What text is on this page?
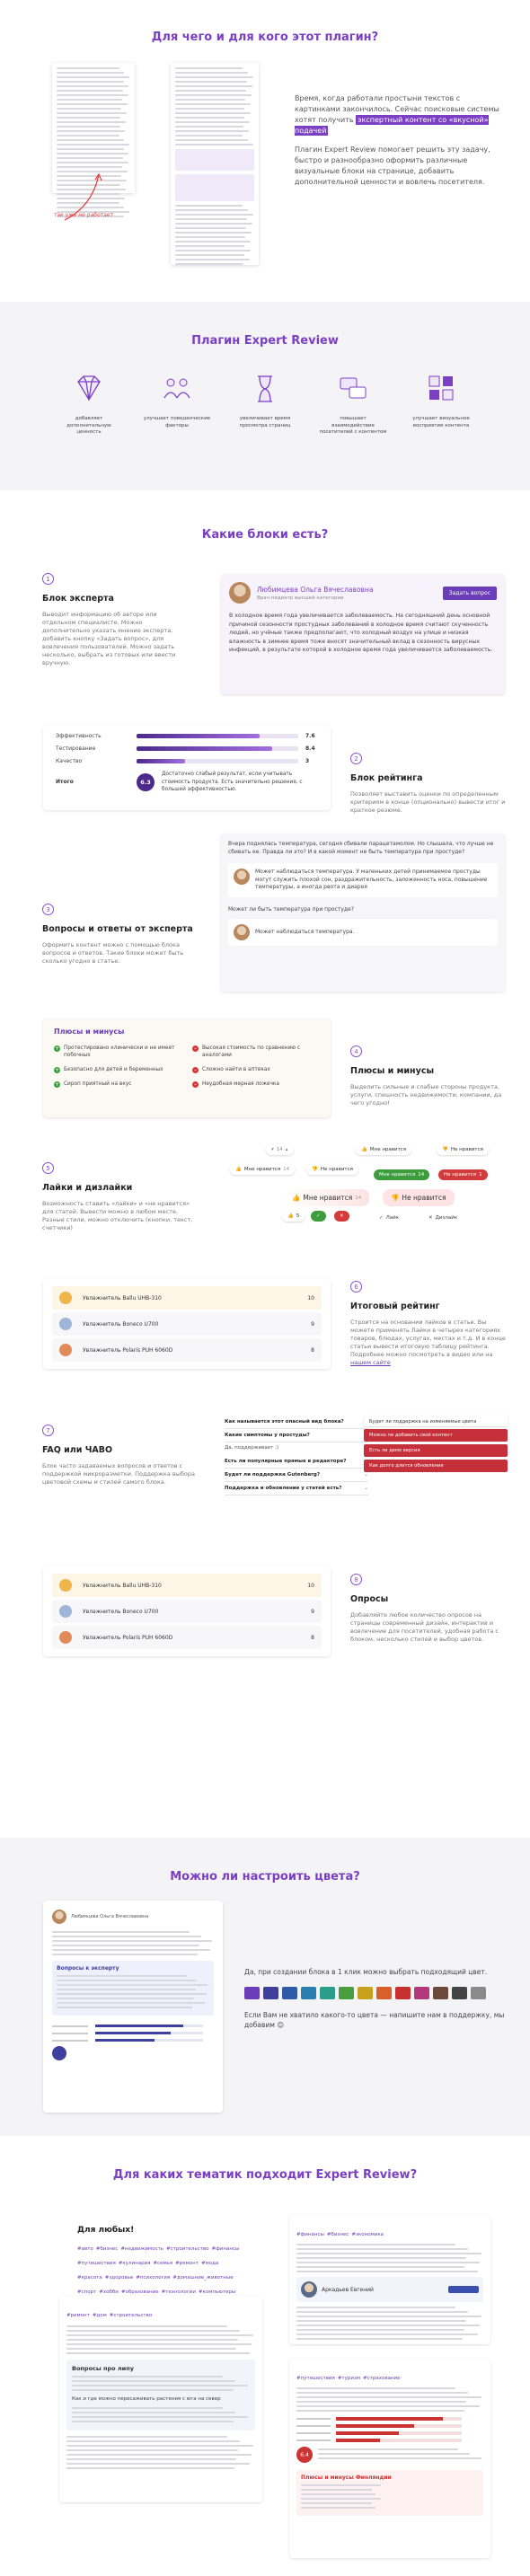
Для чего и для кого этот плагин?
так уже не работает
Время, когда работали простыни текстов с картинками закончилось. Сейчас поисковые системы хотят получить экспертный контент со «вкусной» подачей

Плагин Expert Review помогает решить эту задачу, быстро и разнообразно оформить различные визуальные блоки на странице, добавить дополнительной ценности и вовлечь посетителя.

Плагин Expert Review
добавляет дополнительную ценность
улучшает поведенческие факторы
увеличивает время просмотра страниц
повышает взаимодействие посетителей с контентом
улучшает визуальное восприятие контента
Какие блоки есть?
1
Блок эксперта
Выводит информацию об авторе или отдельном специалисте. Можно дополнительно указать мнение эксперта, добавить кнопку «Задать вопрос», для вовлечения пользователей. Можно задать несколько, выбрать из готовых или ввести вручную.
Любимцева Ольга Вячеславовна
Врач-педиатр высшей категории
Задать вопрос
В холодное время года увеличивается заболеваемость. На сегодняшний день основной причиной сезонности простудных заболеваний в холодное время считают скученность людей, но учёные также предполагают, что холодный воздух на улице и низкая влажность в зимнее время тоже вносят значительный вклад в сезонность вирусных инфекций, в результате которой в холодное время года увеличивается заболеваемость.
Эффективность	7.6
Тестирование	8.4
Качество	3
Итого	6.3
Достаточно слабый результат, если учитывать стоимость продукта. Есть значительно решения, с большей эффективностью.
2
Блок рейтинга
Позволяет выставить оценки по определенным критериям в конце (опционально) вывести итог и краткое резюме.
3
Вопросы и ответы от эксперта
Оформить контент можно с помощью блока вопросов и ответов. Такие блоки может быть сколько угодно в статье.
Вчера поднялась температура, сегодня сбивали парацетамолом. Но слышала, что лучше не сбивать ее. Правда ли это? И в какой момент не быть температура при простуде?
Может наблюдаться температура. У маленьких детей принимаемое простуды могут служить плохой сон, раздражительность, заложенность носа, повышение температуры, а иногда рвота и диарея
Может ли быть температура при простуде?
Может наблюдаться температура.
Плюсы и минусы
+ Протестировано клинически и не имеет побочных
+ Безопасно для детей и беременных
+ Сироп приятный на вкус
–	Высокая стоимость по сравнению с аналогами
–	Сложно найти в аптеках
–	Неудобная мерная ложечка
4
Плюсы и минусы
Выделить сильные и слабые стороны продукта, услуги, спешность недвижимости, компании, да чего угодно!
5
Лайки и дизлайки
Возможность ставить «лайки» и «не нравится» для статей. Вывести можно в любом месте. Разные стили, можно отключить (кнопки, текст, счетчики)
▾ 14 ▴	👍 Мне нравится	👎 Не нравится
👍 Мне нравится 14	👎 Не нравится
Мне нравится 14	Не нравится 1
👍 Мне нравится 14	👎 Не нравится
👍 5	✓	✕	✓ Лайк	✕ Дизлайк
Увлажнитель Ballu UHB-310	10
Увлажнитель Boneco U700	9
Увлажнитель Polaris PUH 6060D	8
6
Итоговый рейтинг
Строится на основании лайков в статье. Вы можете применять Лайки в четырех категориях товаров, блюдах, услугах, местах и т.д. И в конце статьи вывести итоговую таблицу рейтинга. Подробнее можно посмотреть в видео или на нашем сайте
7
FAQ или ЧАВО
Блок часто задаваемых вопросов и ответов с поддержкой микроразметки. Поддержка выбора цветовой схемы и стилей самого блока.
Как называется этот опасный вид блока?
Какие симптомы у простуды?
Да, поддерживает :)
Есть ли популярные прямые в редакторе?
Будет ли поддержка Gutenberg?	⌄
Поддержка и обновление у статей есть?	⌄
Будет ли поддержка на изменяемые цвета
Можно ли добавить свой контент
Есть ли демо версия
Как долго длится обновление
Увлажнитель Ballu UHB-310	10
Увлажнитель Boneco U700	9
Увлажнитель Polaris PUH 6060D	8
8
Опросы
Добавляйте любое количество опросов на страницы современный дизайн, интерактив и вовлечение для посетителей, удобная работа с блоком, несколько стилей и выбор цветов.
Можно ли настроить цвета?
Любимцева Ольга Вячеславовна
Вопросы к эксперту	Да, при создании блока в 1 клик можно выбрать подходящий цвет.
Если Вам не хватило какого-то цвета — напишите нам в поддержку, мы добавим 😊
Для каких тематик подходит Expert Review?
Для любых!
#авто #бизнес #недвижимость #строительство #финансы#путешествия #кулинария #семья #ремонт #мода#красота #здоровье #психология #домашние_животные#спорт #хобби #образование #технологии #компьютеры
#ремонт #дом #строительство
Вопросы про липу
Как и где можно пересаживать растения с юга на север
#финансы #бизнес #экономика
Аркадьев Евгений
#путешествия #туризм #страхование
6.4
Плюсы и минусы Финляндии
